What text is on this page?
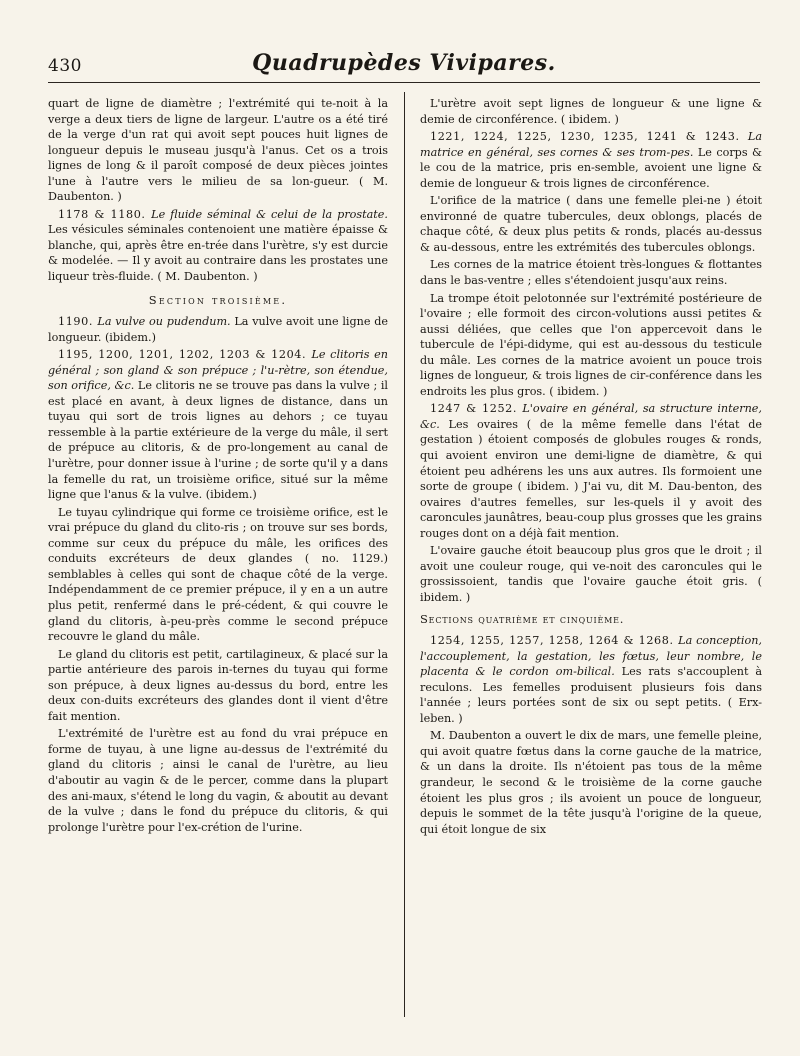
430	Quadrupèdes Vivipares.

quart de ligne de diamètre ; l'extrémité qui te-noit à la verge a deux tiers de ligne de largeur. L'autre os a été tiré de la verge d'un rat qui avoit sept pouces huit lignes de longueur depuis le museau jusqu'à l'anus. Cet os a trois lignes de long & il paroît composé de deux pièces jointes l'une à l'autre vers le milieu de sa lon-gueur. ( M. Daubenton. )

1178 & 1180. Le fluide séminal & celui de la prostate. Les vésicules séminales contenoient une matière épaisse & blanche, qui, après être en-trée dans l'urètre, s'y est durcie & modelée. — Il y avoit au contraire dans les prostates une liqueur très-fluide. ( M. Daubenton. )

Section troisième.

1190. La vulve ou pudendum. La vulve avoit une ligne de longueur. (ibidem.)

1195, 1200, 1201, 1202, 1203 & 1204. Le clitoris en général ; son gland & son prépuce ; l'u-rètre, son étendue, son orifice, &c. Le clitoris ne se trouve pas dans la vulve ; il est placé en avant, à deux lignes de distance, dans un tuyau qui sort de trois lignes au dehors ; ce tuyau ressemble à la partie extérieure de la verge du mâle, il sert de prépuce au clitoris, & de pro-longement au canal de l'urètre, pour donner issue à l'urine ; de sorte qu'il y a dans la femelle du rat, un troisième orifice, situé sur la même ligne que l'anus & la vulve. (ibidem.)

Le tuyau cylindrique qui forme ce troisième orifice, est le vrai prépuce du gland du clito-ris ; on trouve sur ses bords, comme sur ceux du prépuce du mâle, les orifices des conduits excréteurs de deux glandes ( no. 1129.) semblables à celles qui sont de chaque côté de la verge. Indépendamment de ce premier prépuce, il y en a un autre plus petit, renfermé dans le pré-cédent, & qui couvre le gland du clitoris, à-peu-près comme le second prépuce recouvre le gland du mâle.

Le gland du clitoris est petit, cartilagineux, & placé sur la partie antérieure des parois in-ternes du tuyau qui forme son prépuce, à deux lignes au-dessus du bord, entre les deux con-duits excréteurs des glandes dont il vient d'être fait mention.

L'extrémité de l'urètre est au fond du vrai prépuce en forme de tuyau, à une ligne au-dessus de l'extrémité du gland du clitoris ; ainsi le canal de l'urètre, au lieu d'aboutir au vagin & de le percer, comme dans la plupart des ani-maux, s'étend le long du vagin, & aboutit au devant de la vulve ; dans le fond du prépuce du clitoris, & qui prolonge l'urètre pour l'ex-crétion de l'urine.

L'urètre avoit sept lignes de longueur & une ligne & demie de circonférence. ( ibidem. )

1221, 1224, 1225, 1230, 1235, 1241 & 1243. La matrice en général, ses cornes & ses trom-pes. Le corps & le cou de la matrice, pris en-semble, avoient une ligne & demie de longueur & trois lignes de circonférence.

L'orifice de la matrice ( dans une femelle plei-ne ) étoit environné de quatre tubercules, deux oblongs, placés de chaque côté, & deux plus petits & ronds, placés au-dessus & au-dessous, entre les extrémités des tubercules oblongs.

Les cornes de la matrice étoient très-longues & flottantes dans le bas-ventre ; elles s'étendoient jusqu'aux reins.

La trompe étoit pelotonnée sur l'extrémité postérieure de l'ovaire ; elle formoit des circon-volutions aussi petites & aussi déliées, que celles que l'on appercevoit dans le tubercule de l'épi-didyme, qui est au-dessous du testicule du mâle. Les cornes de la matrice avoient un pouce trois lignes de longueur, & trois lignes de cir-conférence dans les endroits les plus gros. ( ibidem. )

1247 & 1252. L'ovaire en général, sa structure interne, &c. Les ovaires ( de la même femelle dans l'état de gestation ) étoient composés de globules rouges & ronds, qui avoient environ une demi-ligne de diamètre, & qui étoient peu adhérens les uns aux autres. Ils formoient une sorte de groupe ( ibidem. ) J'ai vu, dit M. Dau-benton, des ovaires d'autres femelles, sur les-quels il y avoit des caroncules jaunâtres, beau-coup plus grosses que les grains rouges dont on a déjà fait mention.

L'ovaire gauche étoit beaucoup plus gros que le droit ; il avoit une couleur rouge, qui ve-noit des caroncules qui le grossissoient, tandis que l'ovaire gauche étoit gris. ( ibidem. )

Sections quatrième et cinquième.

1254, 1255, 1257, 1258, 1264 & 1268. La conception, l'accouplement, la gestation, les fœtus, leur nombre, le placenta & le cordon om-bilical. Les rats s'accouplent à reculons. Les femelles produisent plusieurs fois dans l'année ; leurs portées sont de six ou sept petits. ( Erx-leben. )

M. Daubenton a ouvert le dix de mars, une femelle pleine, qui avoit quatre fœtus dans la corne gauche de la matrice, & un dans la droite. Ils n'étoient pas tous de la même grandeur, le second & le troisième de la corne gauche étoient les plus gros ; ils avoient un pouce de longueur, depuis le sommet de la tête jusqu'à l'origine de la queue, qui étoit longue de six
